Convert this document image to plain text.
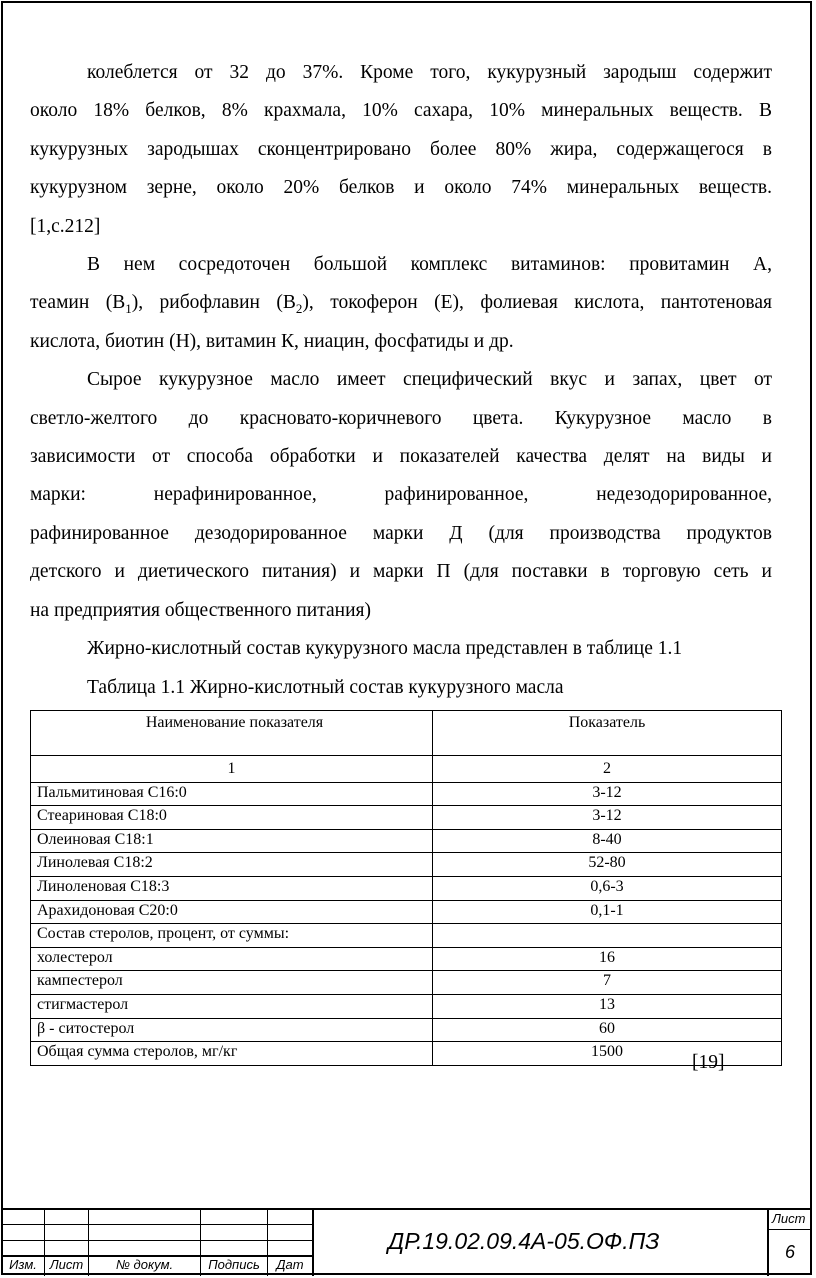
колеблется от 32 до 37%. Кроме того, кукурузный зародыш содержит
около 18% белков, 8% крахмала, 10% сахара, 10% минеральных веществ. В
кукурузных зародышах сконцентрировано более 80% жира, содержащегося в
кукурузном зерне, около 20% белков и около 74% минеральных веществ.
[1,с.212]
В нем сосредоточен большой комплекс витаминов: провитамин А,
теамин $(В_1)$, рибофлавин $(В_2)$, токоферон (Е), фолиевая кислота, пантотеновая
кислота, биотин (Н), витамин К, ниацин, фосфатиды и др.
Сырое кукурузное масло имеет специфический вкус и запах, цвет от
светло-желтого до красновато-коричневого цвета. Кукурузное масло в
зависимости от способа обработки и показателей качества делят на виды и
марки: нерафинированное, рафинированное, недезодорированное,
рафинированное дезодорированное марки Д (для производства продуктов
детского и диетического питания) и марки П (для поставки в торговую сеть и
на предприятия общественного питания)
Жирно-кислотный состав кукурузного масла представлен в таблице 1.1
Таблица 1.1 Жирно-кислотный состав кукурузного масла
Наименование показателя	Показатель
1	2
Пальмитиновая С16:0	3-12
Стеариновая С18:0	3-12
Олеиновая С18:1	8-40
Линолевая С18:2	52-80
Линоленовая С18:3	0,6-3
Арахидоновая С20:0	0,1-1
Состав стеролов, процент, от суммы:	
холестерол	16
кампестерол	7
стигмастерол	13
β - ситостерол	60
Общая сумма стеролов, мг/кг	1500
[19]
Изм. Лист	№ докум.	Подпись	Дат
ДР.19.02.09.4А-05.ОФ.ПЗ
Лист
6
